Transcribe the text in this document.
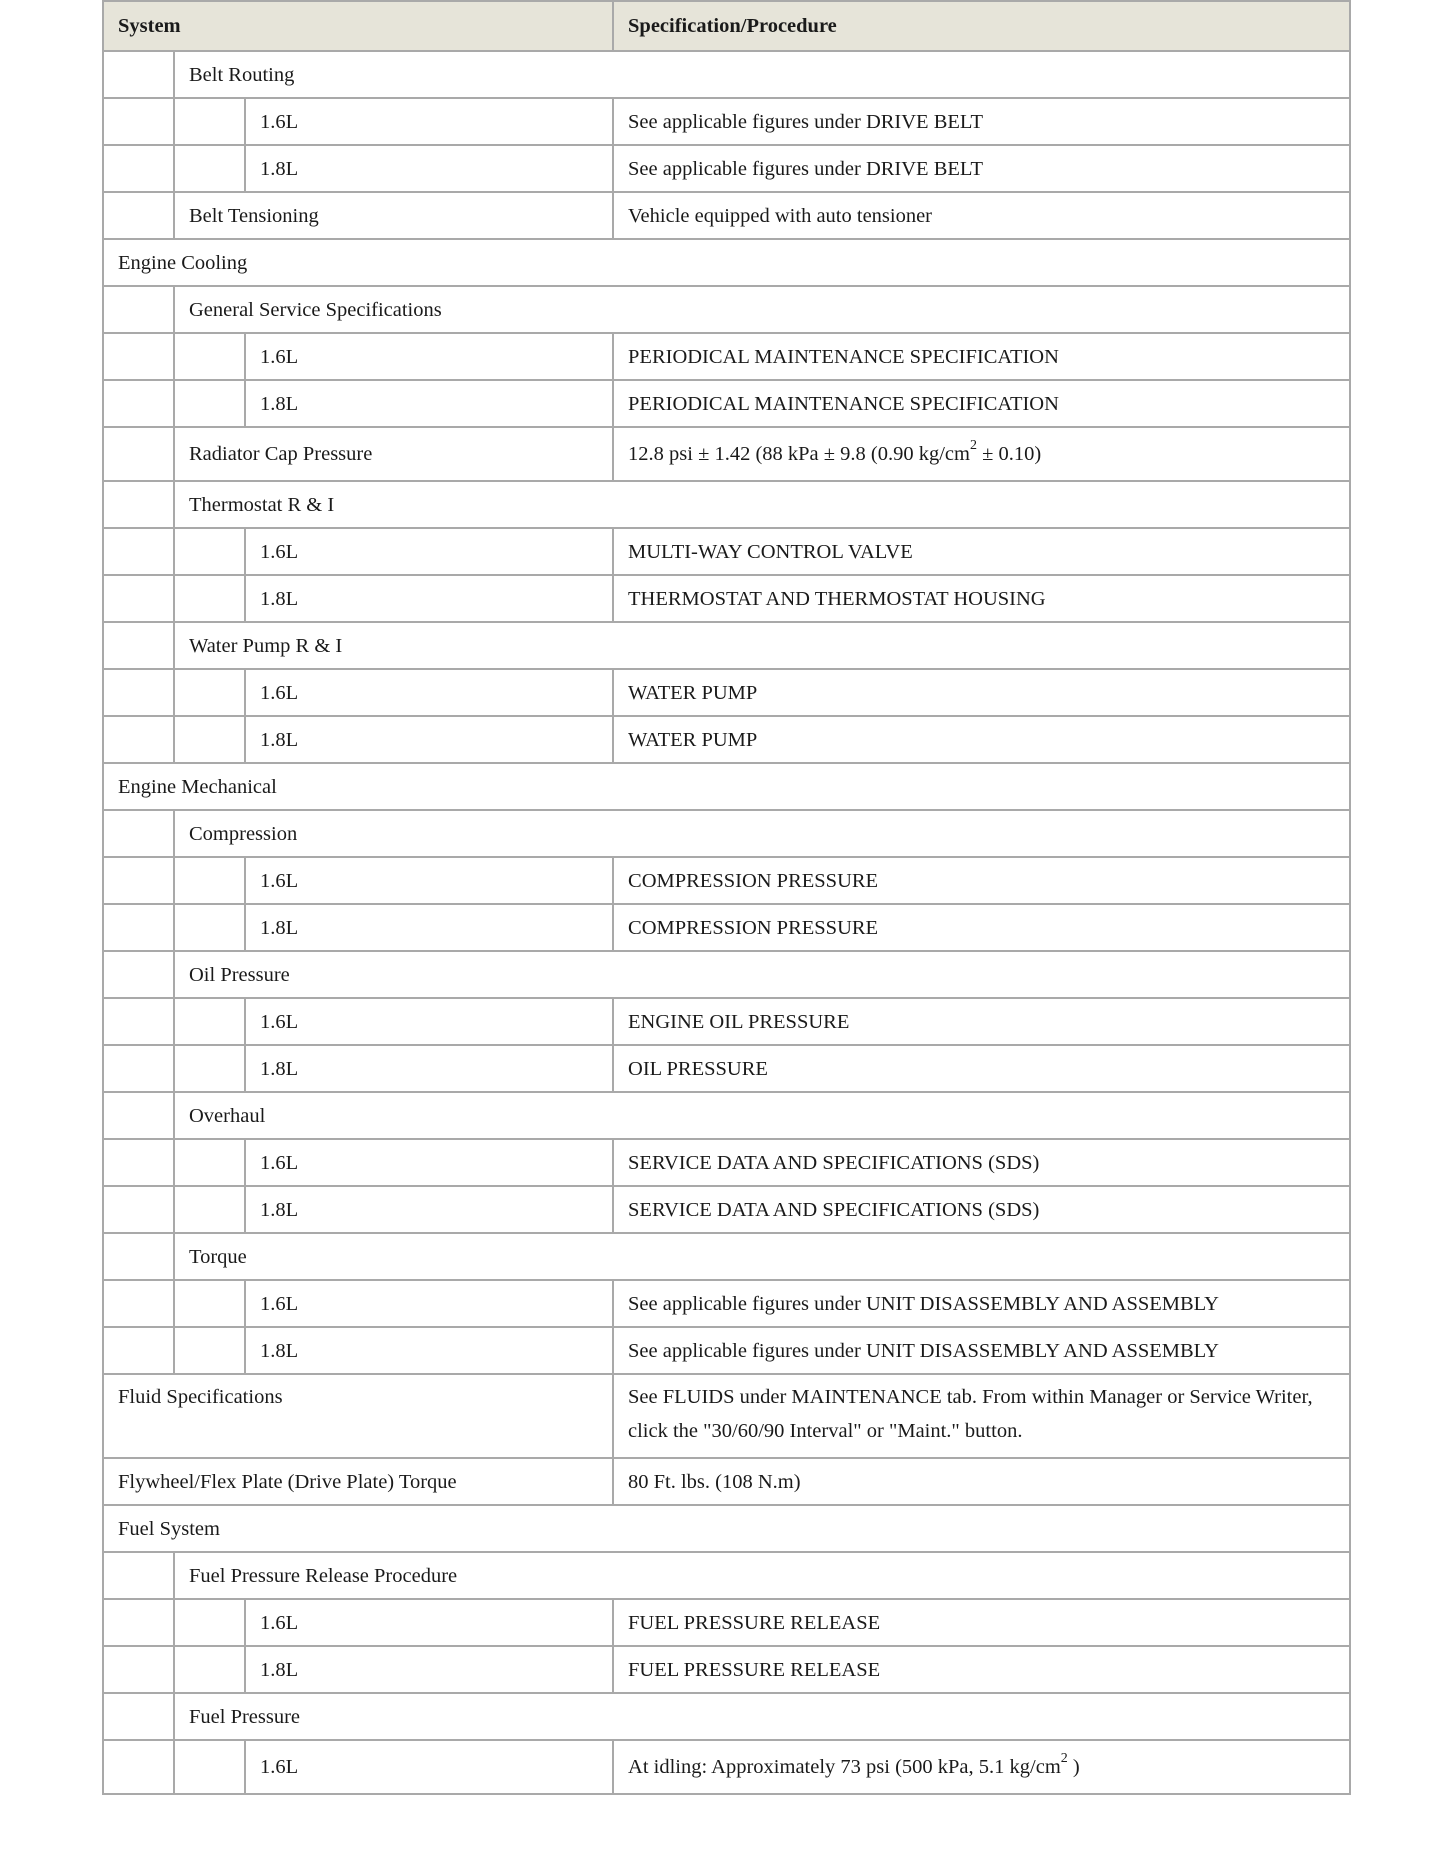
System			Specification/Procedure
	Belt Routing		
		1.6L	See applicable figures under DRIVE BELT
		1.8L	See applicable figures under DRIVE BELT
	Belt Tensioning		Vehicle equipped with auto tensioner
Engine Cooling			
	General Service Specifications		
		1.6L	PERIODICAL MAINTENANCE SPECIFICATION
		1.8L	PERIODICAL MAINTENANCE SPECIFICATION
	Radiator Cap Pressure		12.8 psi ± 1.42 (88 kPa ± 9.8 (0.90 $kg/cm^2 \pm 0.10$)
	Thermostat R & I		
		1.6L	MULTI-WAY CONTROL VALVE
		1.8L	THERMOSTAT AND THERMOSTAT HOUSING
	Water Pump R & I		
		1.6L	WATER PUMP
		1.8L	WATER PUMP
Engine Mechanical			
	Compression		
		1.6L	COMPRESSION PRESSURE
		1.8L	COMPRESSION PRESSURE
	Oil Pressure		
		1.6L	ENGINE OIL PRESSURE
		1.8L	OIL PRESSURE
	Overhaul		
		1.6L	SERVICE DATA AND SPECIFICATIONS (SDS)
		1.8L	SERVICE DATA AND SPECIFICATIONS (SDS)
	Torque		
		1.6L	See applicable figures under UNIT DISASSEMBLY AND ASSEMBLY
		1.8L	See applicable figures under UNIT DISASSEMBLY AND ASSEMBLY
Fluid Specifications			See FLUIDS under MAINTENANCE tab. From within Manager or Service Writer, click the "30/60/90 Interval" or "Maint." button.
Flywheel/Flex Plate (Drive Plate) Torque			80 Ft. lbs. (108 N.m)
Fuel System			
	Fuel Pressure Release Procedure		
		1.6L	FUEL PRESSURE RELEASE
		1.8L	FUEL PRESSURE RELEASE
	Fuel Pressure		
		1.6L	At idling: Approximately 73 psi (500 kPa, 5.1 $kg/cm^2$ )
